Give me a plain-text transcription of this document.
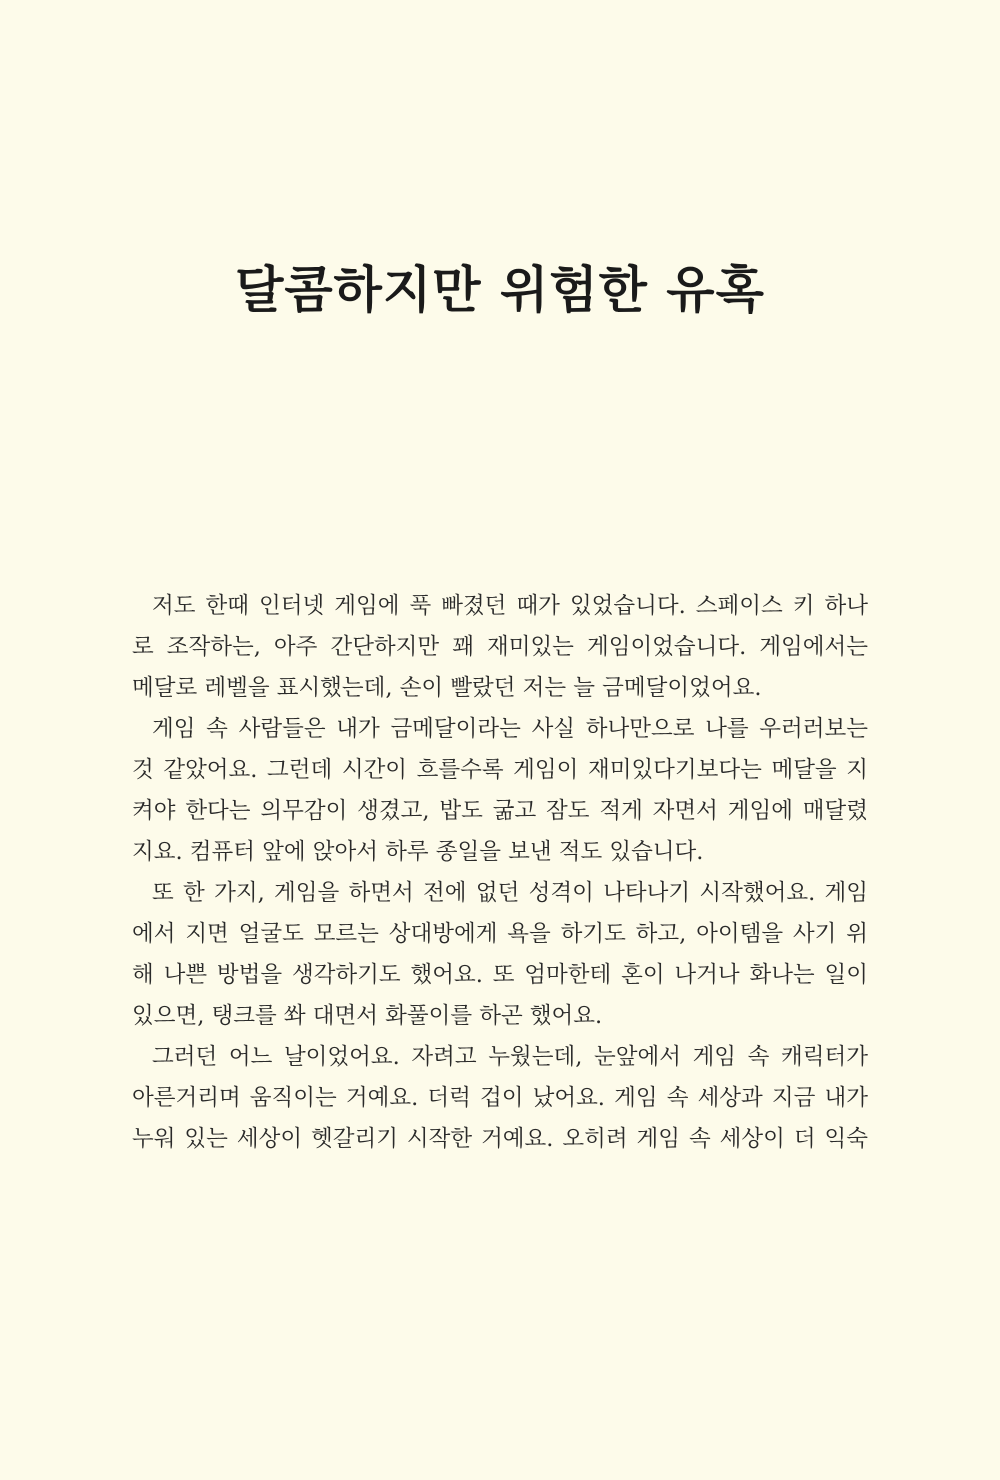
달콤하지만 위험한 유혹

저도 한때 인터넷 게임에 푹 빠졌던 때가 있었습니다. 스페이스 키 하나
로 조작하는, 아주 간단하지만 꽤 재미있는 게임이었습니다. 게임에서는
메달로 레벨을 표시했는데, 손이 빨랐던 저는 늘 금메달이었어요.

게임 속 사람들은 내가 금메달이라는 사실 하나만으로 나를 우러러보는
것 같았어요. 그런데 시간이 흐를수록 게임이 재미있다기보다는 메달을 지
켜야 한다는 의무감이 생겼고, 밥도 굶고 잠도 적게 자면서 게임에 매달렸
지요. 컴퓨터 앞에 앉아서 하루 종일을 보낸 적도 있습니다.

또 한 가지, 게임을 하면서 전에 없던 성격이 나타나기 시작했어요. 게임
에서 지면 얼굴도 모르는 상대방에게 욕을 하기도 하고, 아이템을 사기 위
해 나쁜 방법을 생각하기도 했어요. 또 엄마한테 혼이 나거나 화나는 일이
있으면, 탱크를 쏴 대면서 화풀이를 하곤 했어요.

그러던 어느 날이었어요. 자려고 누웠는데, 눈앞에서 게임 속 캐릭터가
아른거리며 움직이는 거예요. 더럭 겁이 났어요. 게임 속 세상과 지금 내가
누워 있는 세상이 헷갈리기 시작한 거예요. 오히려 게임 속 세상이 더 익숙
